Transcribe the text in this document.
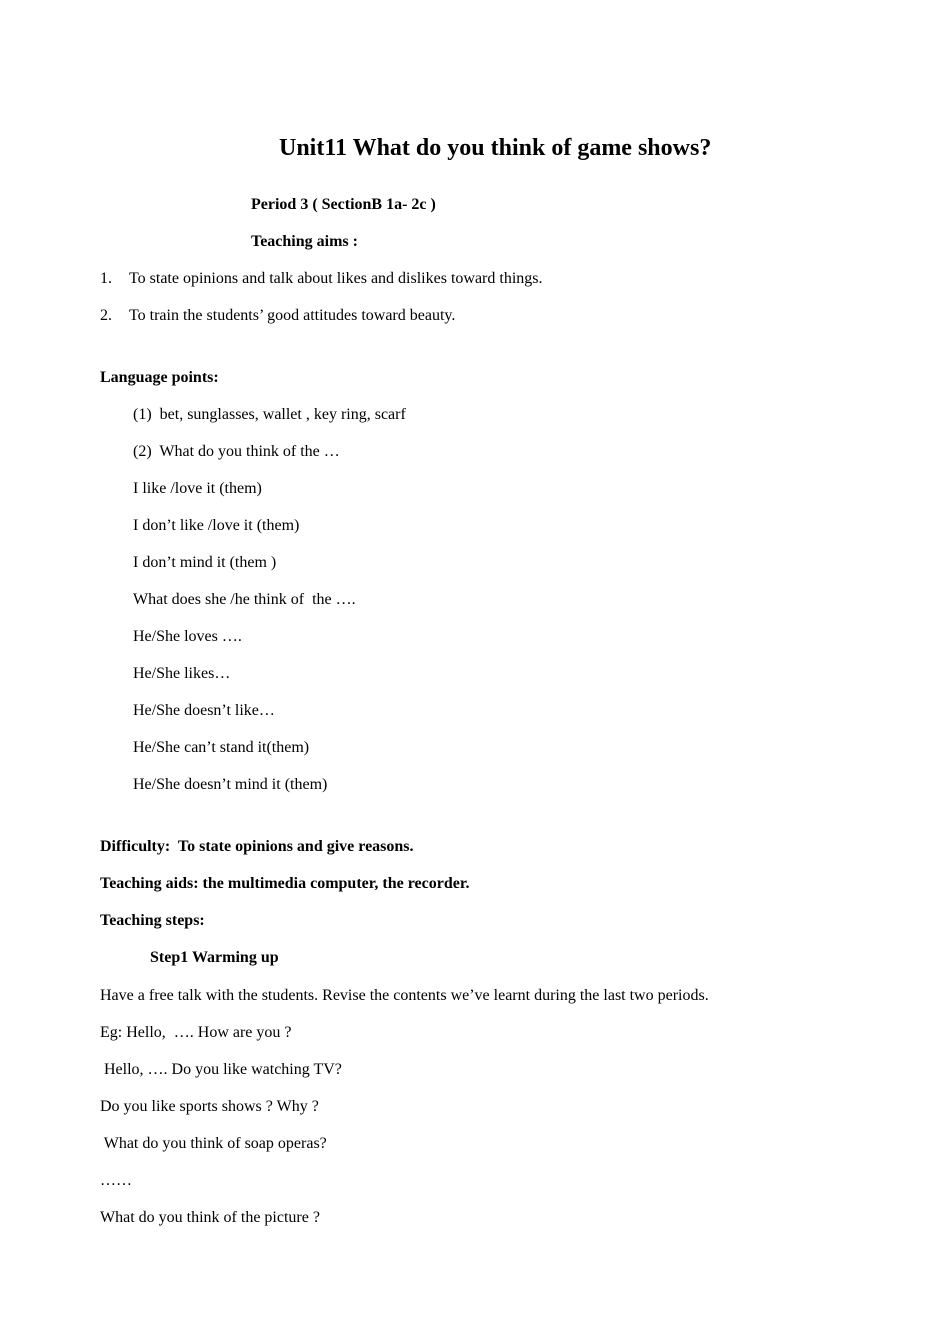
Unit11 What do you think of game shows?
Period 3 ( SectionB 1a- 2c )
Teaching aims :
1. To state opinions and talk about likes and dislikes toward things.
2. To train the students’ good attitudes toward beauty.
Language points:
(1)  bet, sunglasses, wallet , key ring, scarf
(2)  What do you think of the …
I like /love it (them)
I don’t like /love it (them)
I don’t mind it (them )
What does she /he think of  the ….
He/She loves ….
He/She likes…
He/She doesn’t like…
He/She can’t stand it(them)
He/She doesn’t mind it (them)
Difficulty:  To state opinions and give reasons.
Teaching aids: the multimedia computer, the recorder.
Teaching steps:
Step1 Warming up
Have a free talk with the students. Revise the contents we’ve learnt during the last two periods.
Eg: Hello,  …. How are you ?
Hello, …. Do you like watching TV?
Do you like sports shows ? Why ?
What do you think of soap operas?
……
What do you think of the picture ?
